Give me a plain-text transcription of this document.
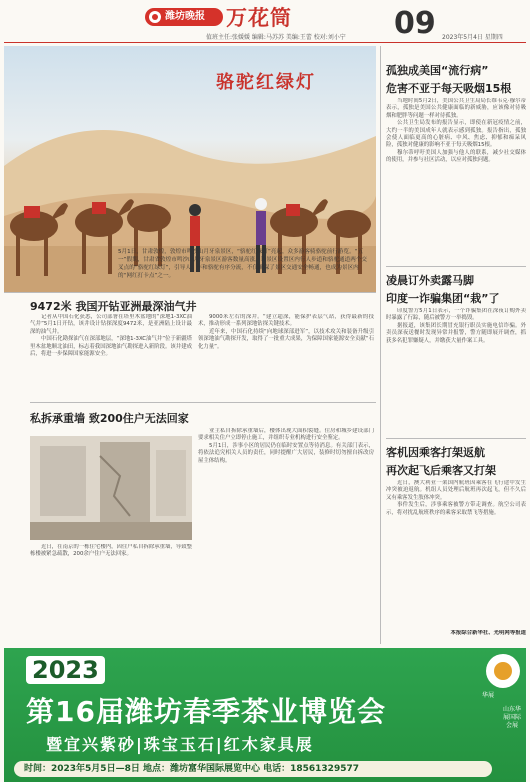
潍坊晚报	万花筒
值班主任:张媛媛 编辑:马苏苏 美编:王蕾 校对:刘小宁 09 2023年5月4日 星期四
骆驼红绿灯
5月1日，甘肃敦煌，敦煌市鸣沙山月牙泉景区，“骆驼红绿灯”亮起，众多游客骑骆驼前行游览。“五一”假期，甘肃省敦煌市鸣沙山月牙泉景区游客数量高涨。该景区设置区内行人步道和骆驼通道两个交叉点的“骆驼红绿灯”，引导人、车和骆驼有序分流，不仅确保了景区交通安全畅通，也成为景区内的“网红打卡点”之一。
9472米 我国开钻亚洲最深油气井

记者从中国石化获悉，公司部署在塔里木盆地的“深地1-3XC油气井”5月1日开钻，该井设计钻探深度9472米，是亚洲陆上设计最深的油气井。

中国石化勘探油气在深部地层，“深地1-3XC油气井”位于新疆塔里木盆地顺北油田，标志着我国深地油气勘探进入新阶段。该井建成后，将进一步保障国家能源安全。

9000米左右的深井。“建立超深，能保护表层气站，获得最新的技术，推动形成一系列深地钻探关键技术。

近年来，中国石化持续“向地球深部进军”，以技术攻关和装备升级引领深地油气勘探开发，取得了一批重大成果，为保障国家能源安全贡献“石化力量”。

私拆承重墙 致200住户无法回家

近日，在南京的一栋住宅楼内，因住户私自拆除承重墙，导致整栋楼被紧急疏散，200余户住户无法回家。

业主私自拆除承重墙后，楼体出现大面积裂缝。住房和城乡建设部门要求相关住户立即停止施工，并组织专业机构进行安全鉴定。

5月1日，涉事小区的居民仍在临时安置点等待消息。有关部门表示，将依法追究相关人员的责任，同时提醒广大居民，装修时切勿擅自拆改房屋主体结构。

孤独成美国“流行病”
危害不亚于每天吸烟15根

当地时间5月2日，美国公共卫生局局长维韦克·穆尔蒂表示，孤独是美国公共健康面临的新威胁，应该像对待吸烟和肥胖等问题一样对待孤独。

公共卫生局发布的报告显示，即使在新冠疫情之前，大约一半的美国成年人就表示感到孤独。报告指出，孤独会使人面临更高的心脏病、中风、焦虑、抑郁和痴呆风险，孤独对健康的影响不亚于每天吸烟15根。

穆尔蒂呼吁美国人加强与他人的联系，减少社交媒体的使用，并参与社区活动，以应对孤独问题。

凌晨订外卖露马脚
印度一诈骗集团“栽”了

印度警方5月1日表示，一个诈骗集团在深夜订购外卖时暴露了行踪，随后被警方一举捣毁。

据报道，该集团长期冒充银行职员实施电信诈骗。外卖员深夜送餐时发现异常并报警，警方随即展开调查，抓获多名犯罪嫌疑人，并缴获大量作案工具。

客机因乘客打架返航
再次起飞后乘客又打架

近日，澳大利亚一架国内航班因乘客在飞行途中发生冲突被迫返航。机组人员处理后航班再次起飞，但不久后又有乘客发生肢体冲突。

事件发生后，涉事乘客被警方带走调查。航空公司表示，将对扰乱航班秩序的乘客采取禁飞等措施。

本报综合新华社、光明网等报道
2023
第16届潍坊春季茶业博览会
暨宜兴紫砂|珠宝玉石|红木家具展
时间：2023年5月5日—8日 地点：潍坊富华国际展览中心 电话：18561329577
华展
山东华展国际会展
